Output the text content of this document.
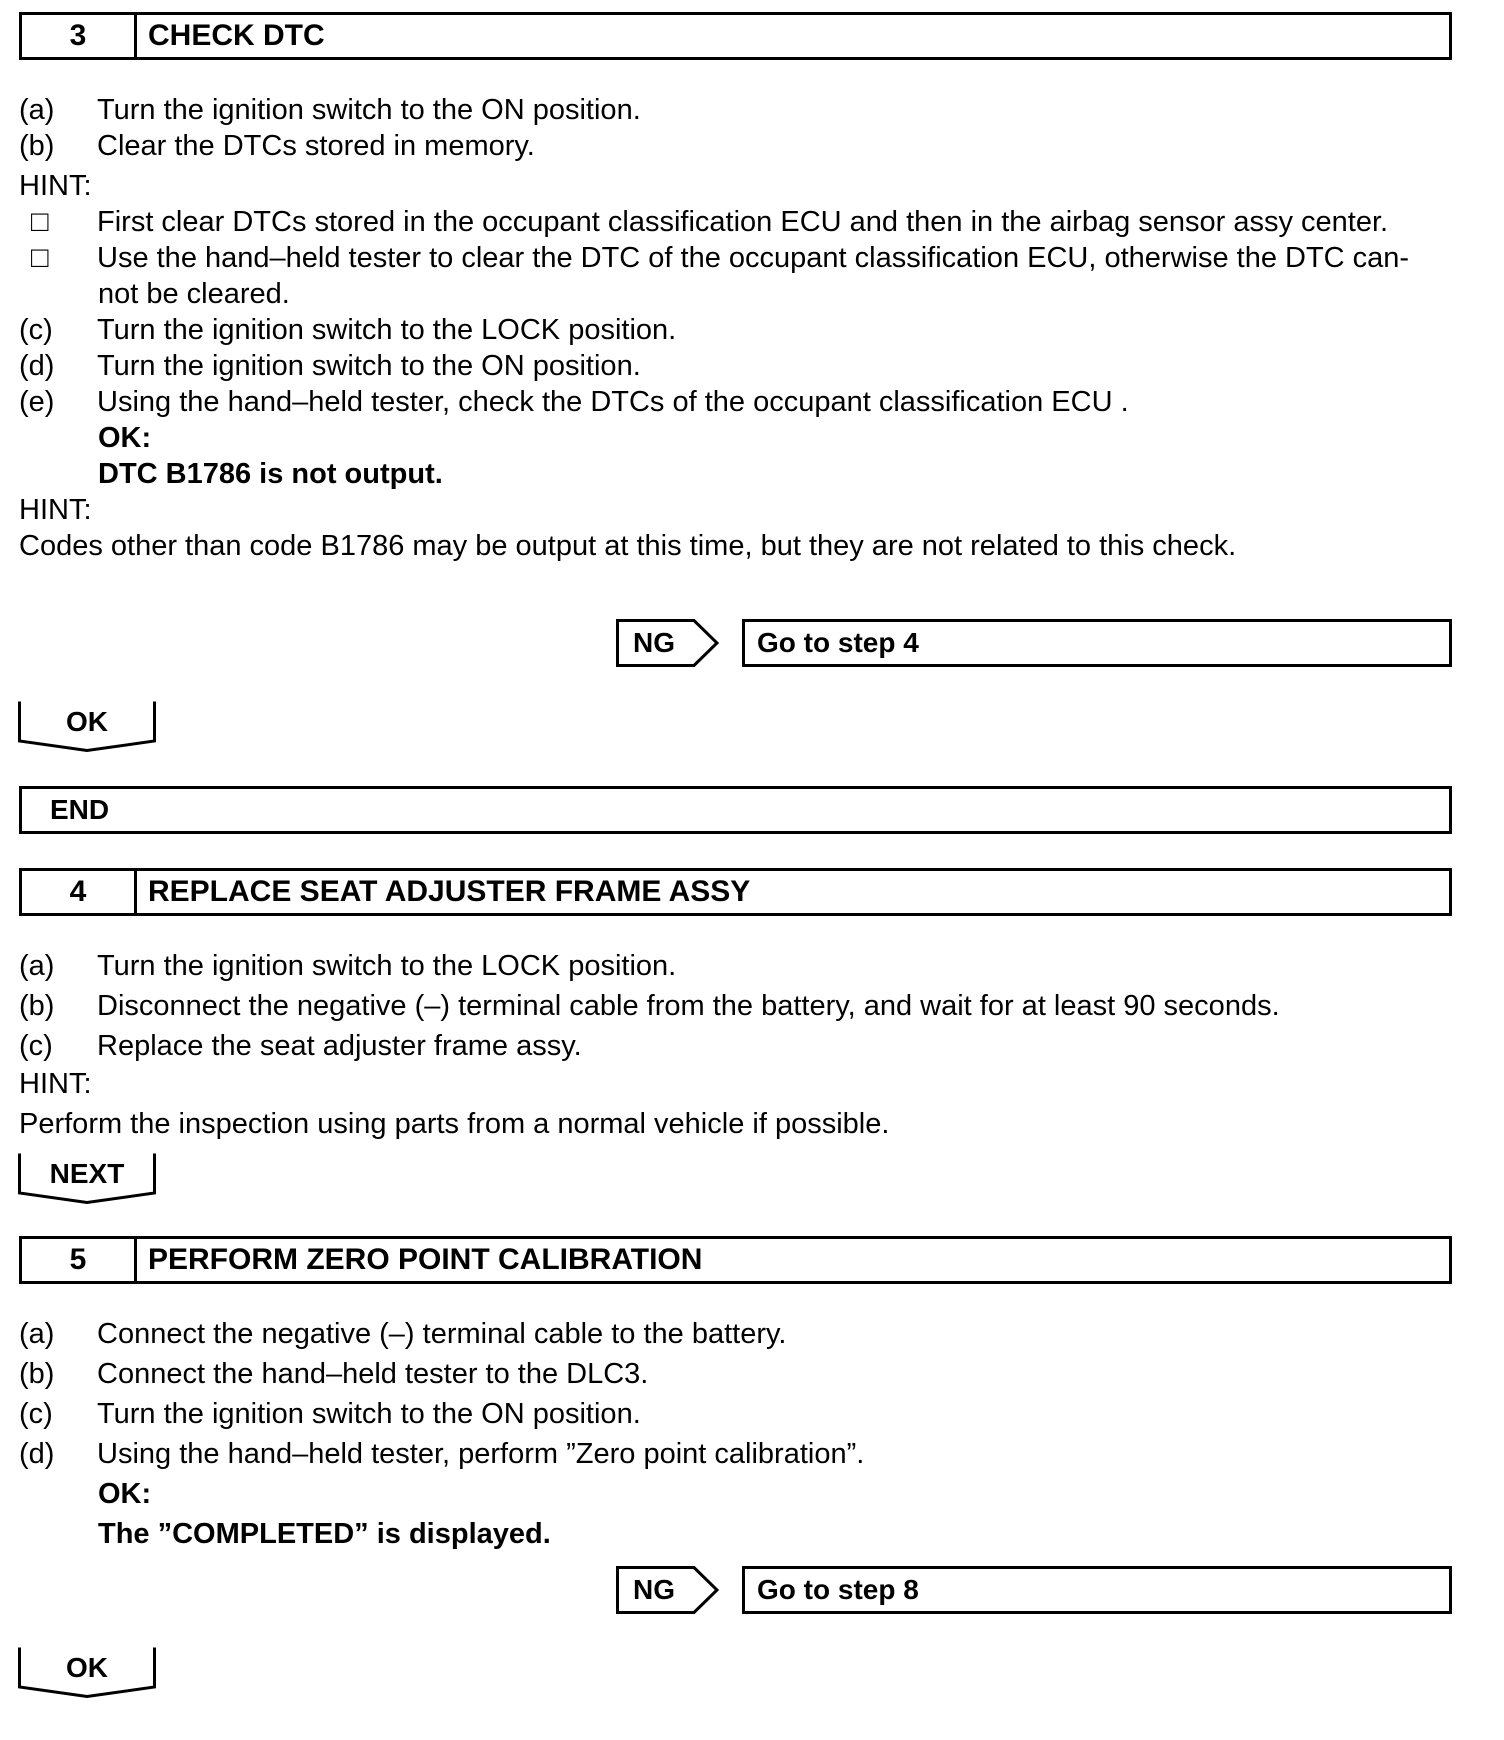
3	CHECK DTC
(a) Turn the ignition switch to the ON position.
(b) Clear the DTCs stored in memory.
HINT:
□ First clear DTCs stored in the occupant classification ECU and then in the airbag sensor assy center.
□ Use the hand–held tester to clear the DTC of the occupant classification ECU, otherwise the DTC can-
not be cleared.
(c) Turn the ignition switch to the LOCK position.
(d) Turn the ignition switch to the ON position.
(e) Using the hand–held tester, check the DTCs of the occupant classification ECU .
OK:
DTC B1786 is not output.
HINT:
Codes other than code B1786 may be output at this time, but they are not related to this check.
NG	Go to step 4
OK
END
4	REPLACE SEAT ADJUSTER FRAME ASSY
(a) Turn the ignition switch to the LOCK position.
(b) Disconnect the negative (–) terminal cable from the battery, and wait for at least 90 seconds.
(c) Replace the seat adjuster frame assy.
HINT:
Perform the inspection using parts from a normal vehicle if possible.
NEXT
5	PERFORM ZERO POINT CALIBRATION
(a) Connect the negative (–) terminal cable to the battery.
(b) Connect the hand–held tester to the DLC3.
(c) Turn the ignition switch to the ON position.
(d) Using the hand–held tester, perform ”Zero point calibration”.
OK:
The ”COMPLETED” is displayed.
NG	Go to step 8
OK
